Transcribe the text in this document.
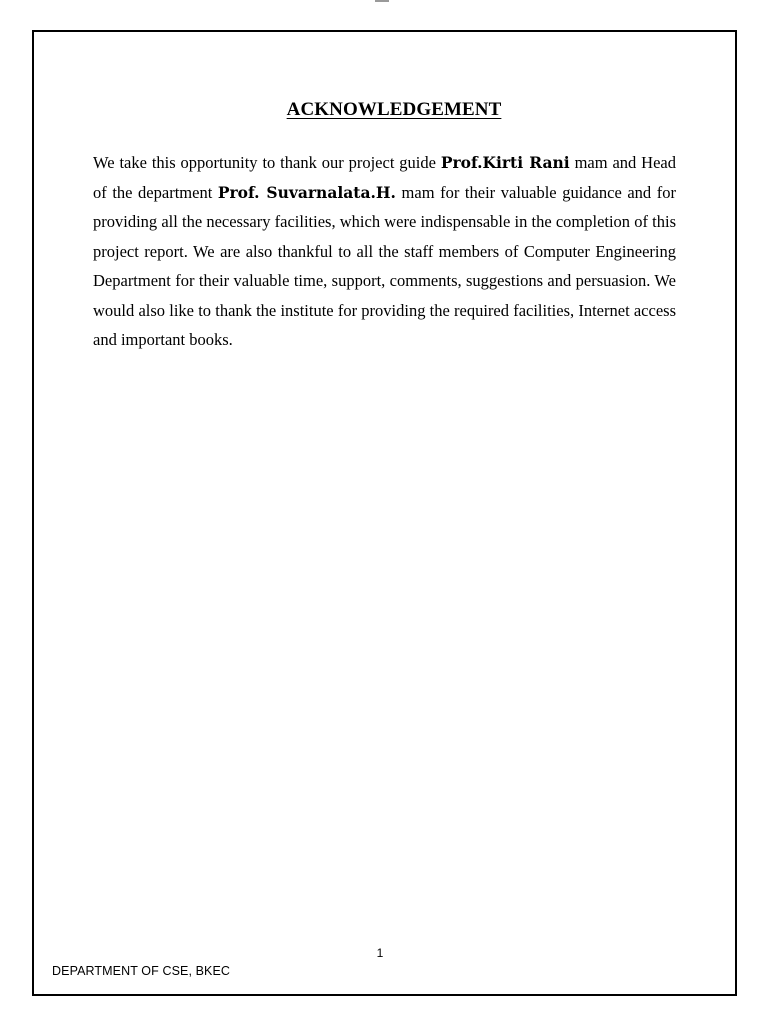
ACKNOWLEDGEMENT

We take this opportunity to thank our project guide Prof.Kirti Rani mam and Head of the department Prof. Suvarnalata.H. mam for their valuable guidance and for providing all the necessary facilities, which were indispensable in the completion of this project report. We are also thankful to all the staff members of Computer Engineering Department for their valuable time, support, comments, suggestions and persuasion. We would also like to thank the institute for providing the required facilities, Internet access and important books.

1
DEPARTMENT OF CSE, BKEC
